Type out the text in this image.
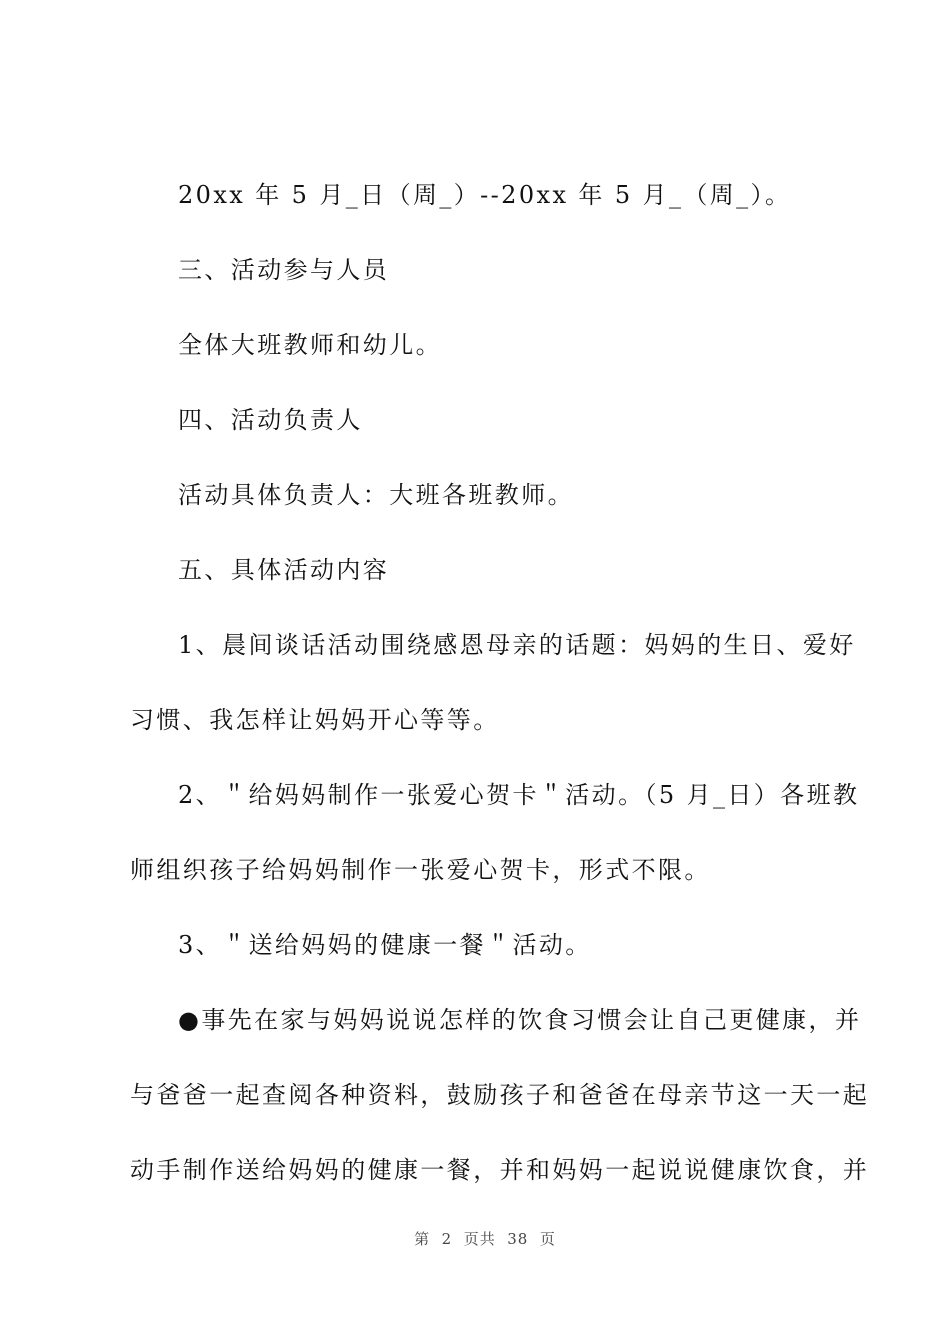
20xx 年 5 月_日（周_）--20xx 年 5 月_（周_）。
三、活动参与人员
全体大班教师和幼儿。
四、活动负责人
活动具体负责人：大班各班教师。
五、具体活动内容
1、晨间谈话活动围绕感恩母亲的话题：妈妈的生日、爱好
习惯、我怎样让妈妈开心等等。
2、＂给妈妈制作一张爱心贺卡＂活动。（5 月_日）各班教
师组织孩子给妈妈制作一张爱心贺卡，形式不限。
3、＂送给妈妈的健康一餐＂活动。
●事先在家与妈妈说说怎样的饮食习惯会让自己更健康，并
与爸爸一起查阅各种资料，鼓励孩子和爸爸在母亲节这一天一起
动手制作送给妈妈的健康一餐，并和妈妈一起说说健康饮食，并
第  2  页共  38  页
